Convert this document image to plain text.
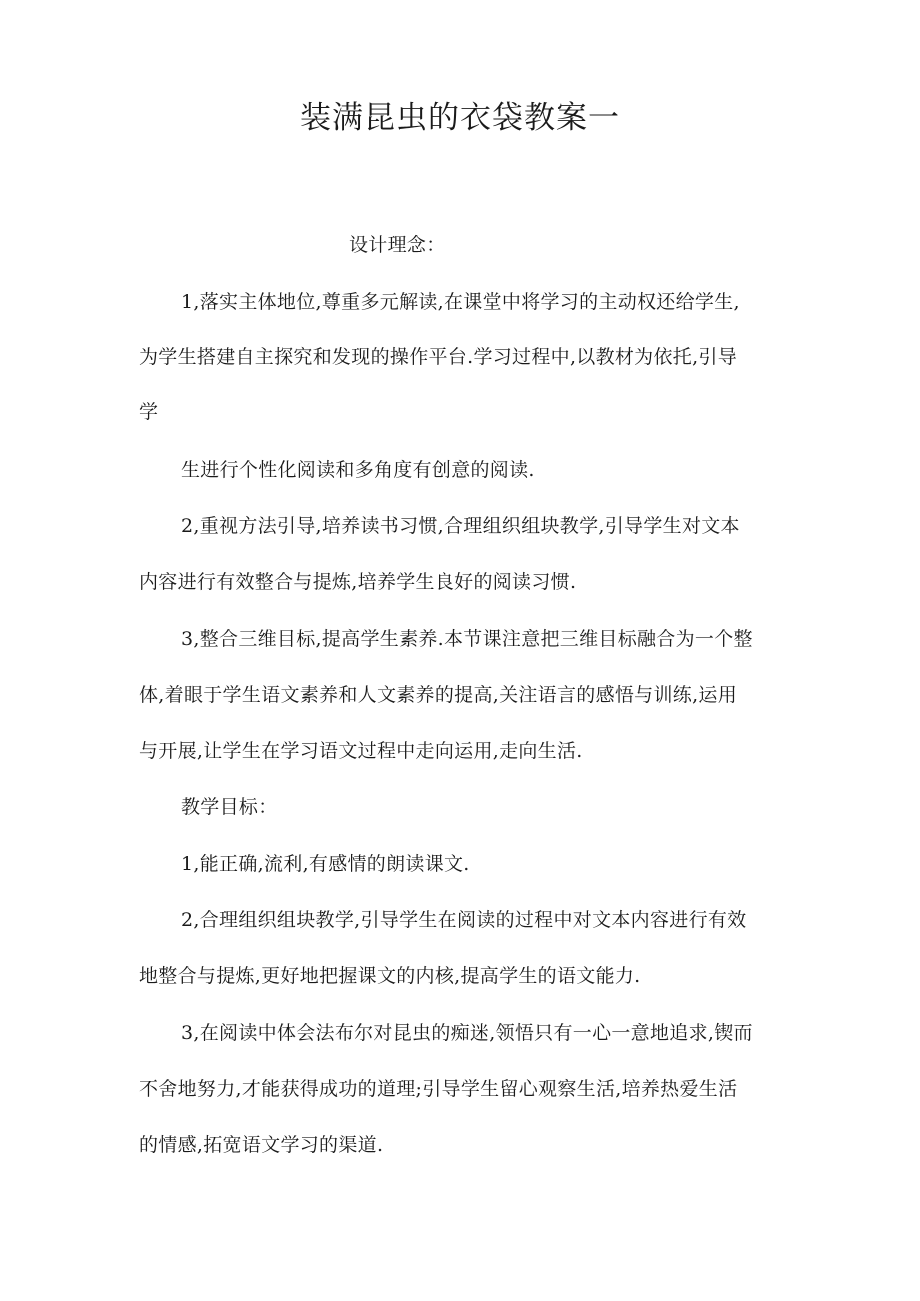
装满昆虫的衣袋教案一
设计理念：
1,落实主体地位,尊重多元解读,在课堂中将学习的主动权还给学生,
为学生搭建自主探究和发现的操作平台.学习过程中,以教材为依托,引导
学
生进行个性化阅读和多角度有创意的阅读.
2,重视方法引导,培养读书习惯,合理组织组块教学,引导学生对文本
内容进行有效整合与提炼,培养学生良好的阅读习惯.
3,整合三维目标,提高学生素养.本节课注意把三维目标融合为一个整
体,着眼于学生语文素养和人文素养的提高,关注语言的感悟与训练,运用
与开展,让学生在学习语文过程中走向运用,走向生活.
教学目标：
1,能正确,流利,有感情的朗读课文.
2,合理组织组块教学,引导学生在阅读的过程中对文本内容进行有效
地整合与提炼,更好地把握课文的内核,提高学生的语文能力.
3,在阅读中体会法布尔对昆虫的痴迷,领悟只有一心一意地追求,锲而
不舍地努力,才能获得成功的道理;引导学生留心观察生活,培养热爱生活
的情感,拓宽语文学习的渠道.
